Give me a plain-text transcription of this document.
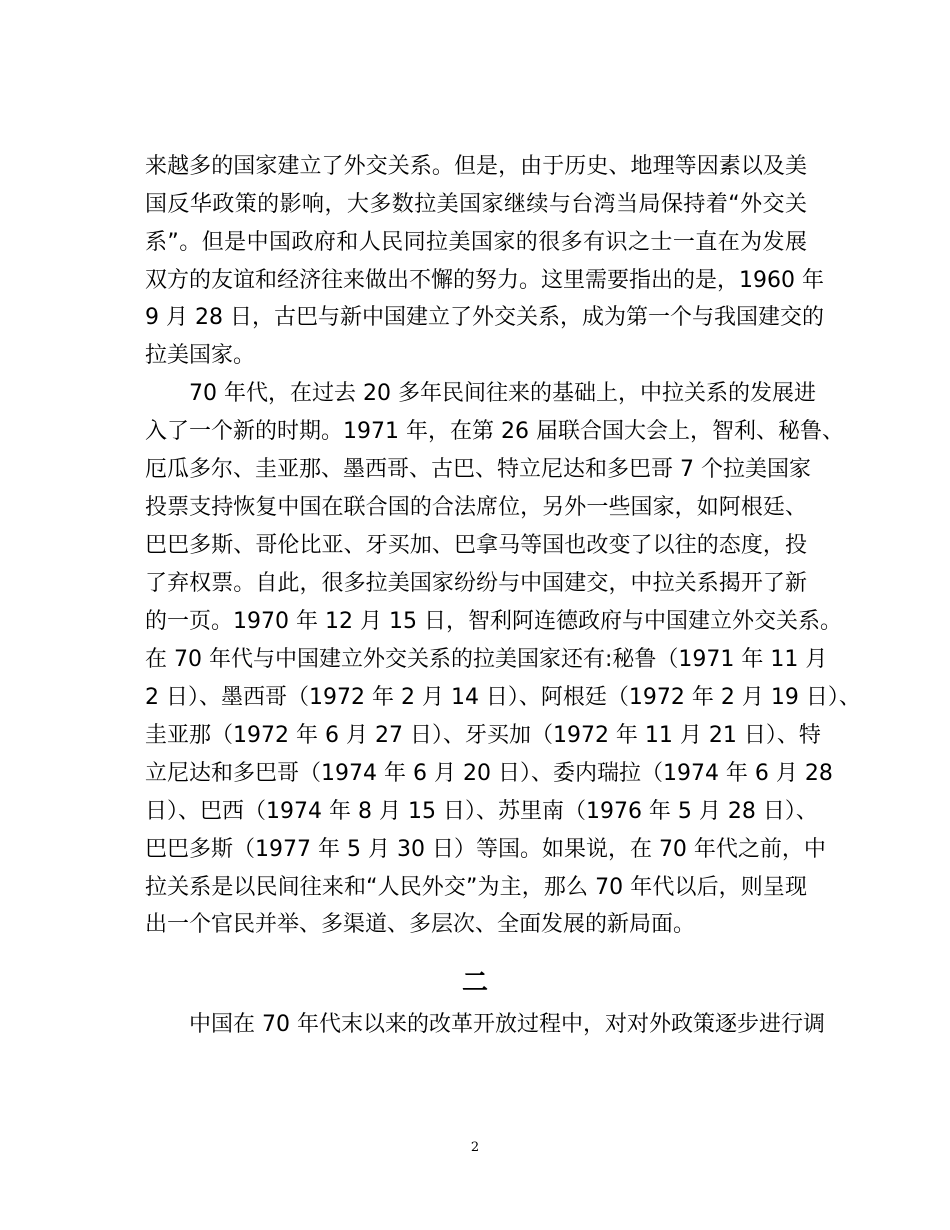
来越多的国家建立了外交关系。但是，由于历史、地理等因素以及美
国反华政策的影响，大多数拉美国家继续与台湾当局保持着“外交关
系”。但是中国政府和人民同拉美国家的很多有识之士一直在为发展
双方的友谊和经济往来做出不懈的努力。这里需要指出的是，1960 年
9 月 28 日，古巴与新中国建立了外交关系，成为第一个与我国建交的
拉美国家。
70 年代，在过去 20 多年民间往来的基础上，中拉关系的发展进
入了一个新的时期。1971 年，在第 26 届联合国大会上，智利、秘鲁、
厄瓜多尔、圭亚那、墨西哥、古巴、特立尼达和多巴哥 7 个拉美国家
投票支持恢复中国在联合国的合法席位，另外一些国家，如阿根廷、
巴巴多斯、哥伦比亚、牙买加、巴拿马等国也改变了以往的态度，投
了弃权票。自此，很多拉美国家纷纷与中国建交，中拉关系揭开了新
的一页。1970 年 12 月 15 日，智利阿连德政府与中国建立外交关系。
在 70 年代与中国建立外交关系的拉美国家还有:秘鲁（1971 年 11 月
2 日）、墨西哥（1972 年 2 月 14 日）、阿根廷（1972 年 2 月 19 日）、
圭亚那（1972 年 6 月 27 日）、牙买加（1972 年 11 月 21 日）、特
立尼达和多巴哥（1974 年 6 月 20 日）、委内瑞拉（1974 年 6 月 28
日）、巴西（1974 年 8 月 15 日）、苏里南（1976 年 5 月 28 日）、
巴巴多斯（1977 年 5 月 30 日）等国。如果说，在 70 年代之前，中
拉关系是以民间往来和“人民外交”为主，那么 70 年代以后，则呈现
出一个官民并举、多渠道、多层次、全面发展的新局面。
二
中国在 70 年代末以来的改革开放过程中，对对外政策逐步进行调
2
